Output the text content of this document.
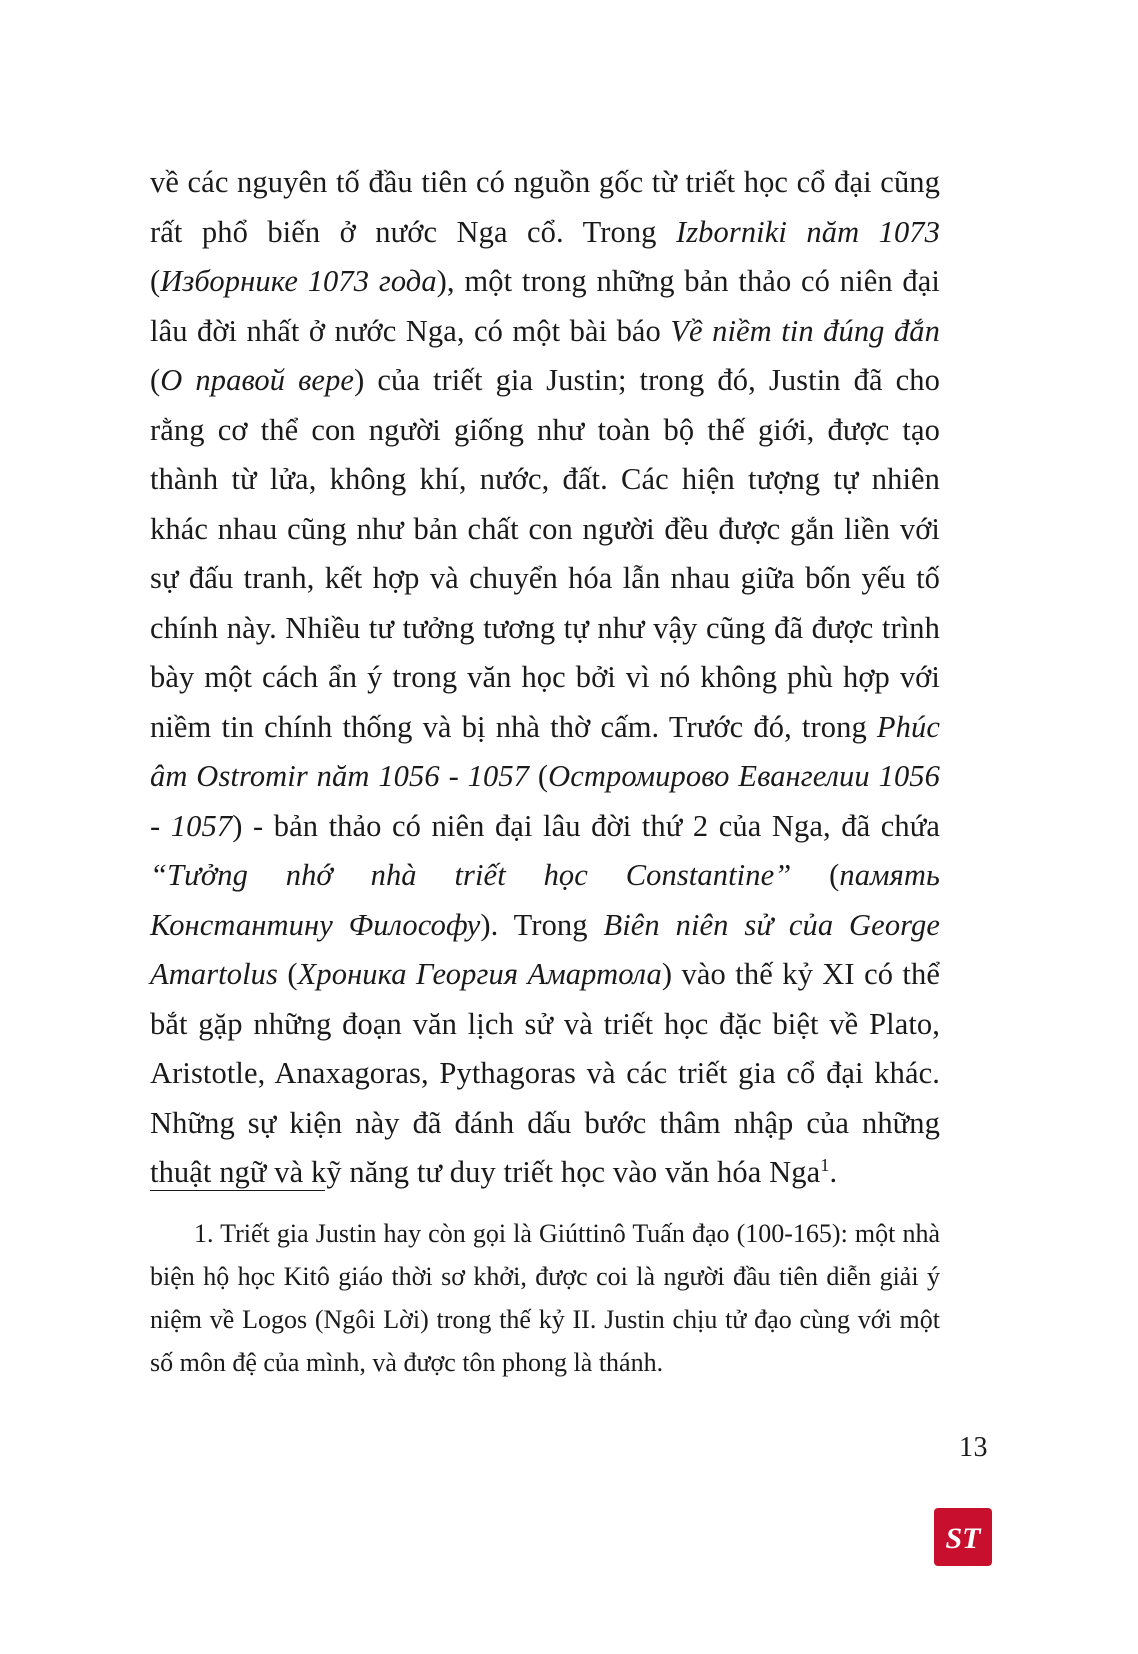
về các nguyên tố đầu tiên có nguồn gốc từ triết học cổ đại cũng rất phổ biến ở nước Nga cổ. Trong Izborniki năm 1073 (Изборнике 1073 года), một trong những bản thảo có niên đại lâu đời nhất ở nước Nga, có một bài báo Về niềm tin đúng đắn (О правой вере) của triết gia Justin; trong đó, Justin đã cho rằng cơ thể con người giống như toàn bộ thế giới, được tạo thành từ lửa, không khí, nước, đất. Các hiện tượng tự nhiên khác nhau cũng như bản chất con người đều được gắn liền với sự đấu tranh, kết hợp và chuyển hóa lẫn nhau giữa bốn yếu tố chính này. Nhiều tư tưởng tương tự như vậy cũng đã được trình bày một cách ẩn ý trong văn học bởi vì nó không phù hợp với niềm tin chính thống và bị nhà thờ cấm. Trước đó, trong Phúc âm Ostromir năm 1056 - 1057 (Остромирово Евангелии 1056 - 1057) - bản thảo có niên đại lâu đời thứ 2 của Nga, đã chứa “Tưởng nhớ nhà triết học Constantine” (память Константину Философу). Trong Biên niên sử của George Amartolus (Хроника Георгия Амартола) vào thế kỷ XI có thể bắt gặp những đoạn văn lịch sử và triết học đặc biệt về Plato, Aristotle, Anaxagoras, Pythagoras và các triết gia cổ đại khác. Những sự kiện này đã đánh dấu bước thâm nhập của những thuật ngữ và kỹ năng tư duy triết học vào văn hóa Nga$^1$.

1. Triết gia Justin hay còn gọi là Giúttinô Tuấn đạo (100-165): một nhà biện hộ học Kitô giáo thời sơ khởi, được coi là người đầu tiên diễn giải ý niệm về Logos (Ngôi Lời) trong thế kỷ II. Justin chịu tử đạo cùng với một số môn đệ của mình, và được tôn phong là thánh.

13
ST
